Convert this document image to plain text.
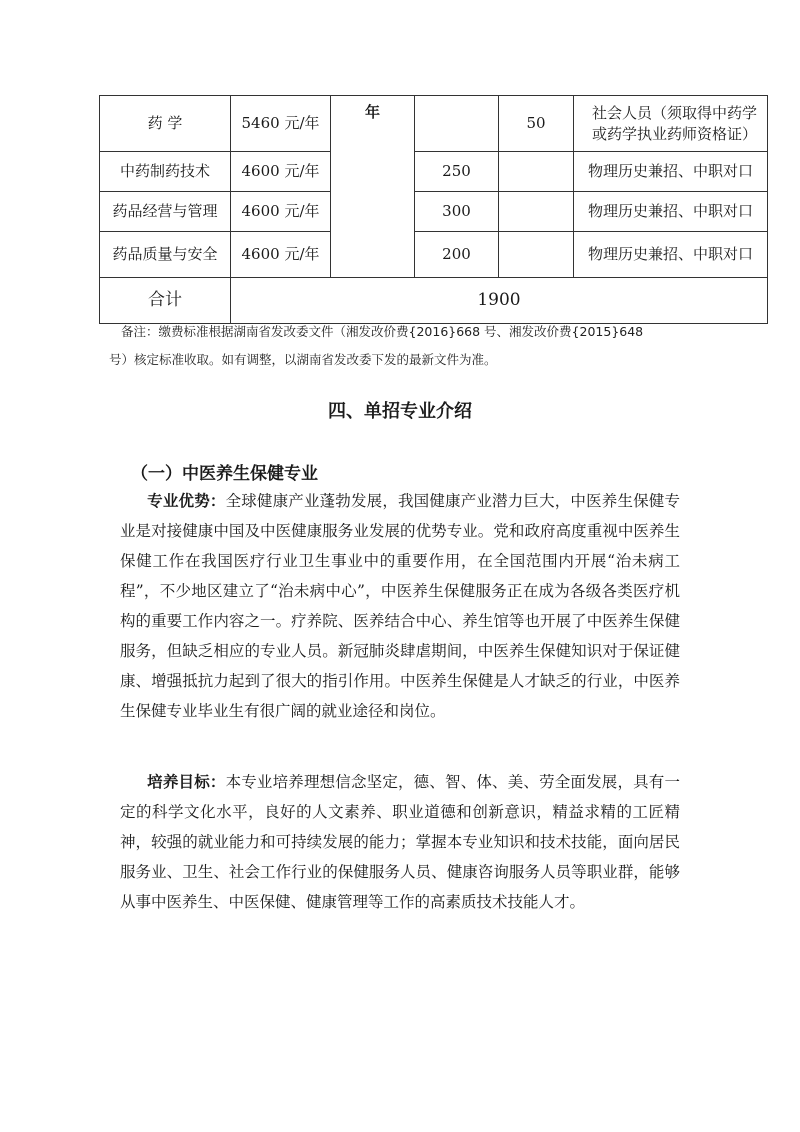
药 学	5460 元/年	年		50	社会人员（须取得中药学或药学执业药师资格证）
中药制药技术	4600 元/年		250		物理历史兼招、中职对口
药品经营与管理	4600 元/年		300		物理历史兼招、中职对口
药品质量与安全	4600 元/年		200		物理历史兼招、中职对口
合计	1900				
备注：缴费标准根据湖南省发改委文件（湘发改价费{2016}668 号、湘发改价费{2015}648
号）核定标准收取。如有调整，以湖南省发改委下发的最新文件为准。
四、单招专业介绍
（一）中医养生保健专业
专业优势：全球健康产业蓬勃发展，我国健康产业潜力巨大，中医养生保健专业是对接健康中国及中医健康服务业发展的优势专业。党和政府高度重视中医养生保健工作在我国医疗行业卫生事业中的重要作用，在全国范围内开展“治未病工程”，不少地区建立了“治未病中心”，中医养生保健服务正在成为各级各类医疗机构的重要工作内容之一。疗养院、医养结合中心、养生馆等也开展了中医养生保健服务，但缺乏相应的专业人员。新冠肺炎肆虐期间，中医养生保健知识对于保证健康、增强抵抗力起到了很大的指引作用。中医养生保健是人才缺乏的行业，中医养生保健专业毕业生有很广阔的就业途径和岗位。
培养目标：本专业培养理想信念坚定，德、智、体、美、劳全面发展，具有一定的科学文化水平，良好的人文素养、职业道德和创新意识，精益求精的工匠精神，较强的就业能力和可持续发展的能力；掌握本专业知识和技术技能，面向居民服务业、卫生、社会工作行业的保健服务人员、健康咨询服务人员等职业群，能够从事中医养生、中医保健、健康管理等工作的高素质技术技能人才。
